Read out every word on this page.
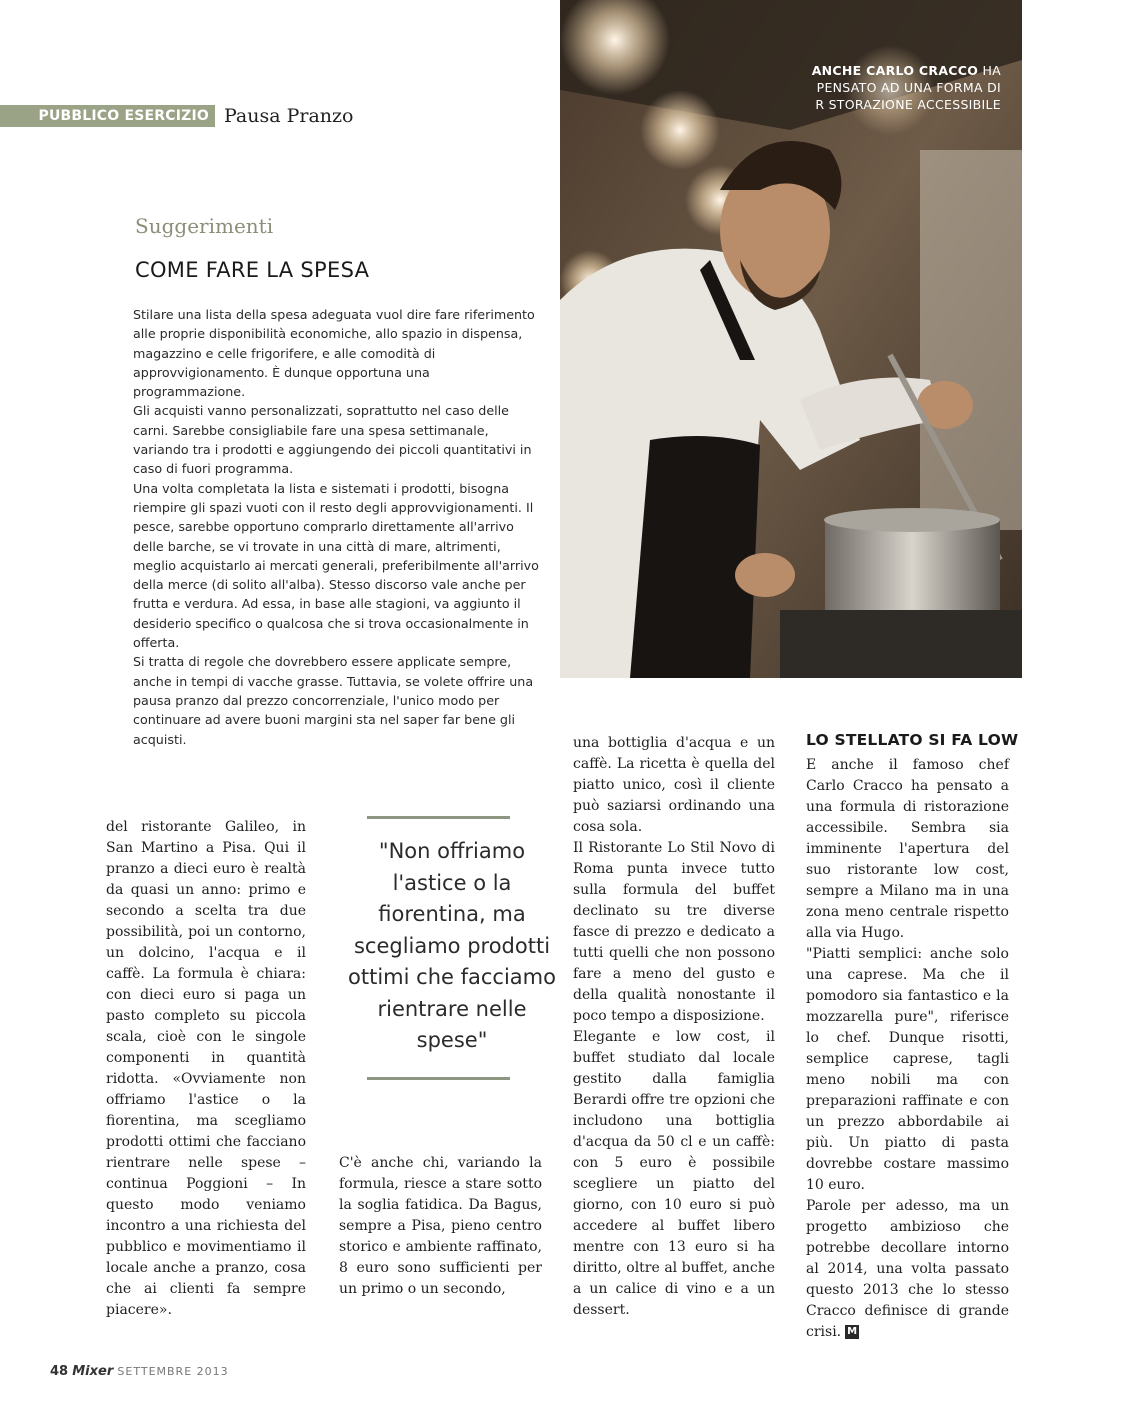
PUBBLICO ESERCIZIO Pausa Pranzo
ANCHE CARLO CRACCO HA
PENSATO AD UNA FORMA DI
R STORAZIONE ACCESSIBILE
Suggerimenti
COME FARE LA SPESA

Stilare una lista della spesa adeguata vuol dire fare riferimento alle proprie disponibilità economiche, allo spazio in dispensa, magazzino e celle frigorifere, e alle comodità di approvvigionamento. È dunque opportuna una programmazione.

Gli acquisti vanno personalizzati, soprattutto nel caso delle carni. Sarebbe consigliabile fare una spesa settimanale, variando tra i prodotti e aggiungendo dei piccoli quantitativi in caso di fuori programma.

Una volta completata la lista e sistemati i prodotti, bisogna riempire gli spazi vuoti con il resto degli approvvigionamenti. Il pesce, sarebbe opportuno comprarlo direttamente all'arrivo delle barche, se vi trovate in una città di mare, altrimenti, meglio acquistarlo ai mercati generali, preferibilmente all'arrivo della merce (di solito all'alba). Stesso discorso vale anche per frutta e verdura. Ad essa, in base alle stagioni, va aggiunto il desiderio specifico o qualcosa che si trova occasionalmente in offerta.

Si tratta di regole che dovrebbero essere applicate sempre, anche in tempi di vacche grasse. Tuttavia, se volete offrire una pausa pranzo dal prezzo concorrenziale, l'unico modo per continuare ad avere buoni margini sta nel saper far bene gli acquisti.

del ristorante Galileo, in San Martino a Pisa. Qui il pranzo a dieci euro è realtà da quasi un anno: primo e secondo a scelta tra due possibilità, poi un contorno, un dolcino, l'acqua e il caffè. La formula è chiara: con dieci euro si paga un pasto completo su piccola scala, cioè con le singole componenti in quantità ridotta. «Ovviamente non offriamo l'astice o la fiorentina, ma scegliamo prodotti ottimi che facciano rientrare nelle spese – continua Poggioni – In questo modo veniamo incontro a una richiesta del pubblico e movimentiamo il locale anche a pranzo, cosa che ai clienti fa sempre piacere».

"Non offriamo l'astice o la fiorentina, ma scegliamo prodotti ottimi che facciamo rientrare nelle spese"

C'è anche chi, variando la formula, riesce a stare sotto la soglia fatidica. Da Bagus, sempre a Pisa, pieno centro storico e ambiente raffinato, 8 euro sono sufficienti per un primo o un secondo,

una bottiglia d'acqua e un caffè. La ricetta è quella del piatto unico, così il cliente può saziarsi ordinando una cosa sola.

Il Ristorante Lo Stil Novo di Roma punta invece tutto sulla formula del buffet declinato su tre diverse fasce di prezzo e dedicato a tutti quelli che non possono fare a meno del gusto e della qualità nonostante il poco tempo a disposizione.

Elegante e low cost, il buffet studiato dal locale gestito dalla famiglia Berardi offre tre opzioni che includono una bottiglia d'acqua da 50 cl e un caffè: con 5 euro è possibile scegliere un piatto del giorno, con 10 euro si può accedere al buffet libero mentre con 13 euro si ha diritto, oltre al buffet, anche a un calice di vino e a un dessert.

LO STELLATO SI FA LOW

E anche il famoso chef Carlo Cracco ha pensato a una formula di ristorazione accessibile. Sembra sia imminente l'apertura del suo ristorante low cost, sempre a Milano ma in una zona meno centrale rispetto alla via Hugo.

"Piatti semplici: anche solo una caprese. Ma che il pomodoro sia fantastico e la mozzarella pure", riferisce lo chef. Dunque risotti, semplice caprese, tagli meno nobili ma con preparazioni raffinate e con un prezzo abbordabile ai più. Un piatto di pasta dovrebbe costare massimo 10 euro.

Parole per adesso, ma un progetto ambizioso che potrebbe decollare intorno al 2014, una volta passato questo 2013 che lo stesso Cracco definisce di grande crisi. M

48 Mixer SETTEMBRE 2013
